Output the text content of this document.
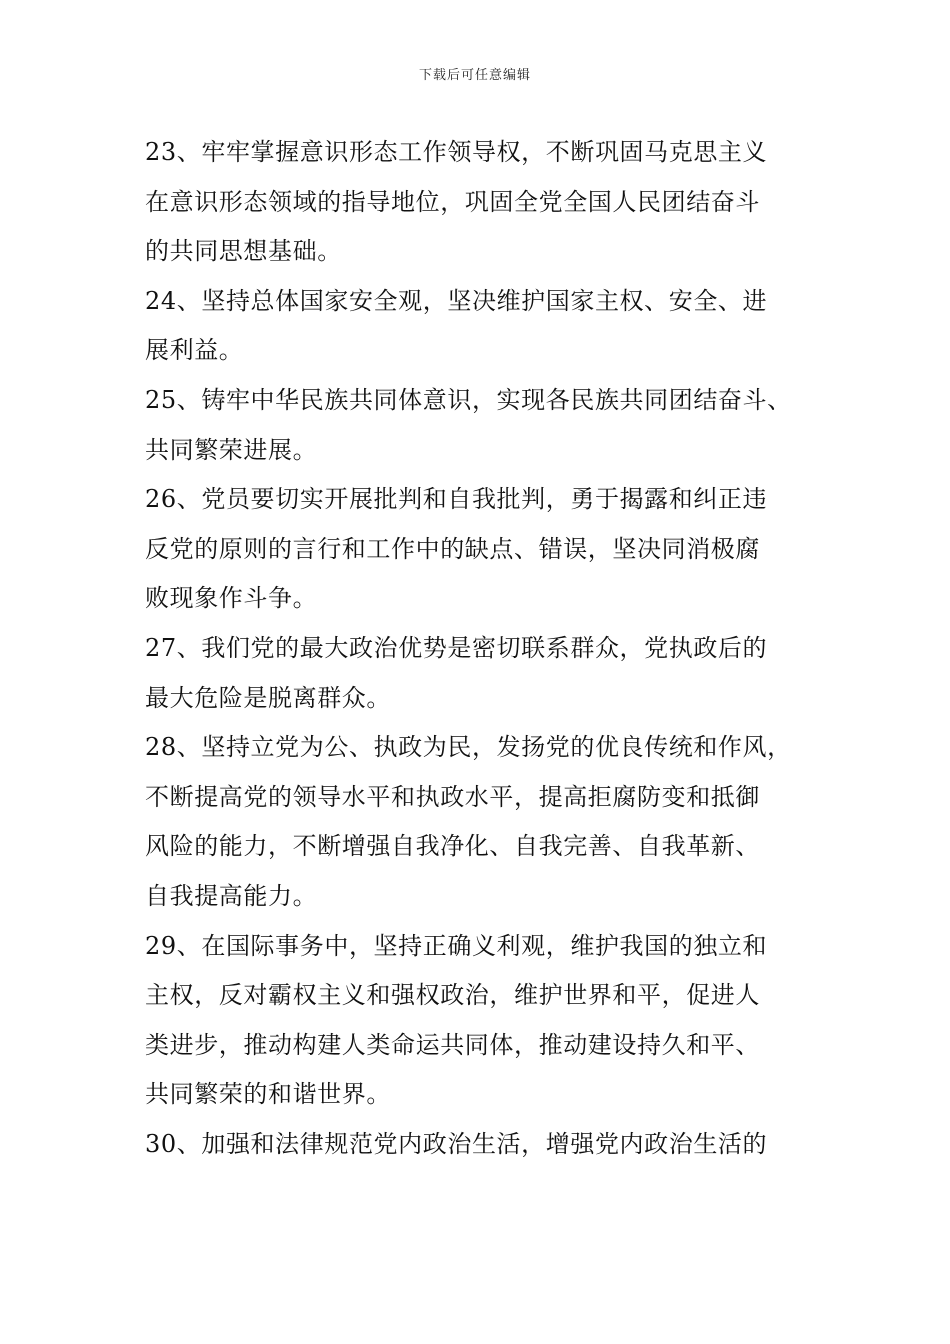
下载后可任意编辑
23、牢牢掌握意识形态工作领导权，不断巩固马克思主义
在意识形态领域的指导地位，巩固全党全国人民团结奋斗
的共同思想基础。
24、坚持总体国家安全观，坚决维护国家主权、安全、进
展利益。
25、铸牢中华民族共同体意识，实现各民族共同团结奋斗、
共同繁荣进展。
26、党员要切实开展批判和自我批判，勇于揭露和纠正违
反党的原则的言行和工作中的缺点、错误，坚决同消极腐
败现象作斗争。
27、我们党的最大政治优势是密切联系群众，党执政后的
最大危险是脱离群众。
28、坚持立党为公、执政为民，发扬党的优良传统和作风，
不断提高党的领导水平和执政水平，提高拒腐防变和抵御
风险的能力，不断增强自我净化、自我完善、自我革新、
自我提高能力。
29、在国际事务中，坚持正确义利观，维护我国的独立和
主权，反对霸权主义和强权政治，维护世界和平，促进人
类进步，推动构建人类命运共同体，推动建设持久和平、
共同繁荣的和谐世界。
30、加强和法律规范党内政治生活，增强党内政治生活的
